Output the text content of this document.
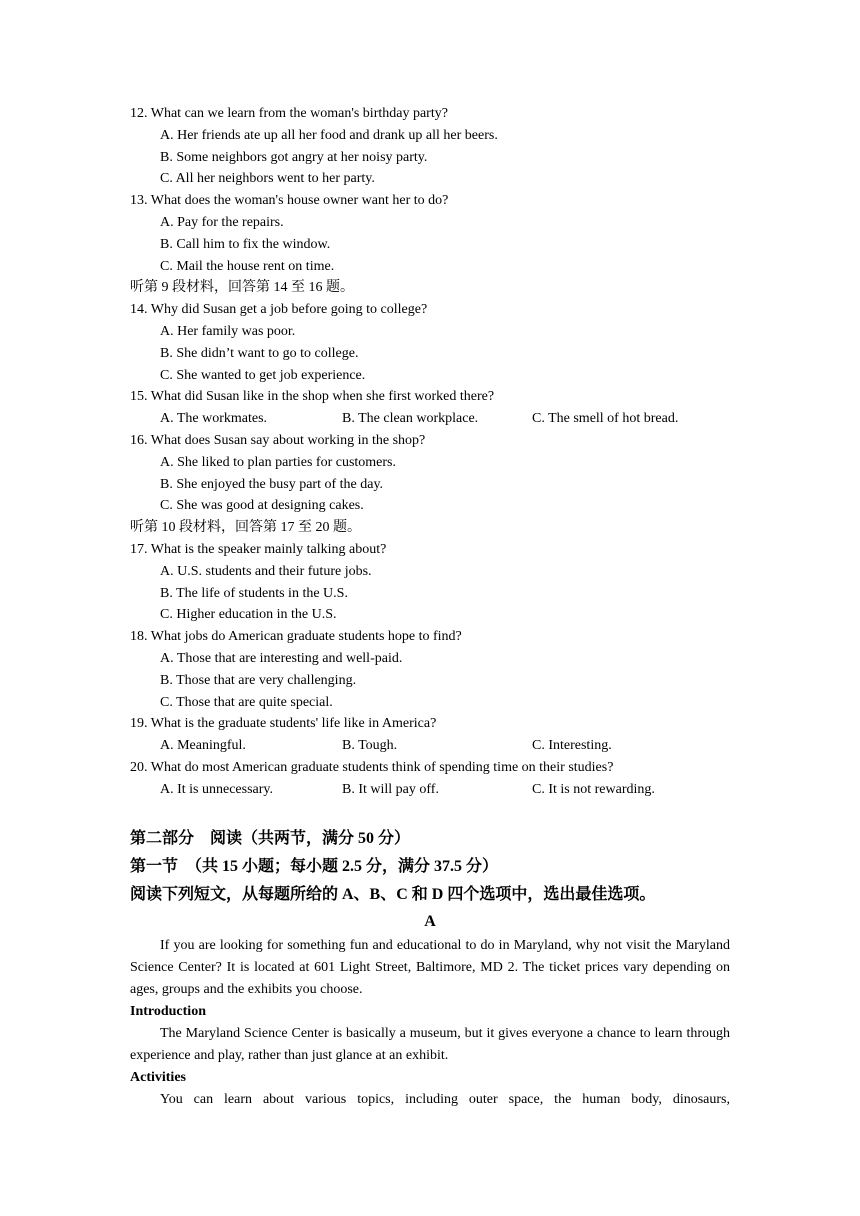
12. What can we learn from the woman's birthday party?
A. Her friends ate up all her food and drank up all her beers.
B. Some neighbors got angry at her noisy party.
C. All her neighbors went to her party.
13. What does the woman's house owner want her to do?
A. Pay for the repairs.
B. Call him to fix the window.
C. Mail the house rent on time.
听第 9 段材料，回答第 14 至 16 题。
14. Why did Susan get a job before going to college?
A. Her family was poor.
B. She didn’t want to go to college.
C. She wanted to get job experience.
15. What did Susan like in the shop when she first worked there?
A. The workmates.	B. The clean workplace.	C. The smell of hot bread.
16. What does Susan say about working in the shop?
A. She liked to plan parties for customers.
B. She enjoyed the busy part of the day.
C. She was good at designing cakes.
听第 10 段材料，回答第 17 至 20 题。
17. What is the speaker mainly talking about?
A. U.S. students and their future jobs.
B. The life of students in the U.S.
C. Higher education in the U.S.
18. What jobs do American graduate students hope to find?
A. Those that are interesting and well-paid.
B. Those that are very challenging.
C. Those that are quite special.
19. What is the graduate students' life like in America?
A. Meaningful.	B. Tough.	C. Interesting.
20. What do most American graduate students think of spending time on their studies?
A. It is unnecessary.	B. It will pay off.	C. It is not rewarding.
第二部分　阅读（共两节，满分 50 分）
第一节　（共 15 小题；每小题 2.5 分，满分 37.5 分）
阅读下列短文，从每题所给的 A、B、C 和 D 四个选项中，选出最佳选项。
A
If you are looking for something fun and educational to do in Maryland, why not visit the Maryland Science Center? It is located at 601 Light Street, Baltimore, MD 2. The ticket prices vary depending on ages, groups and the exhibits you choose.
Introduction
The Maryland Science Center is basically a museum, but it gives everyone a chance to learn through experience and play, rather than just glance at an exhibit.
Activities
You can learn about various topics, including outer space, the human body, dinosaurs,
